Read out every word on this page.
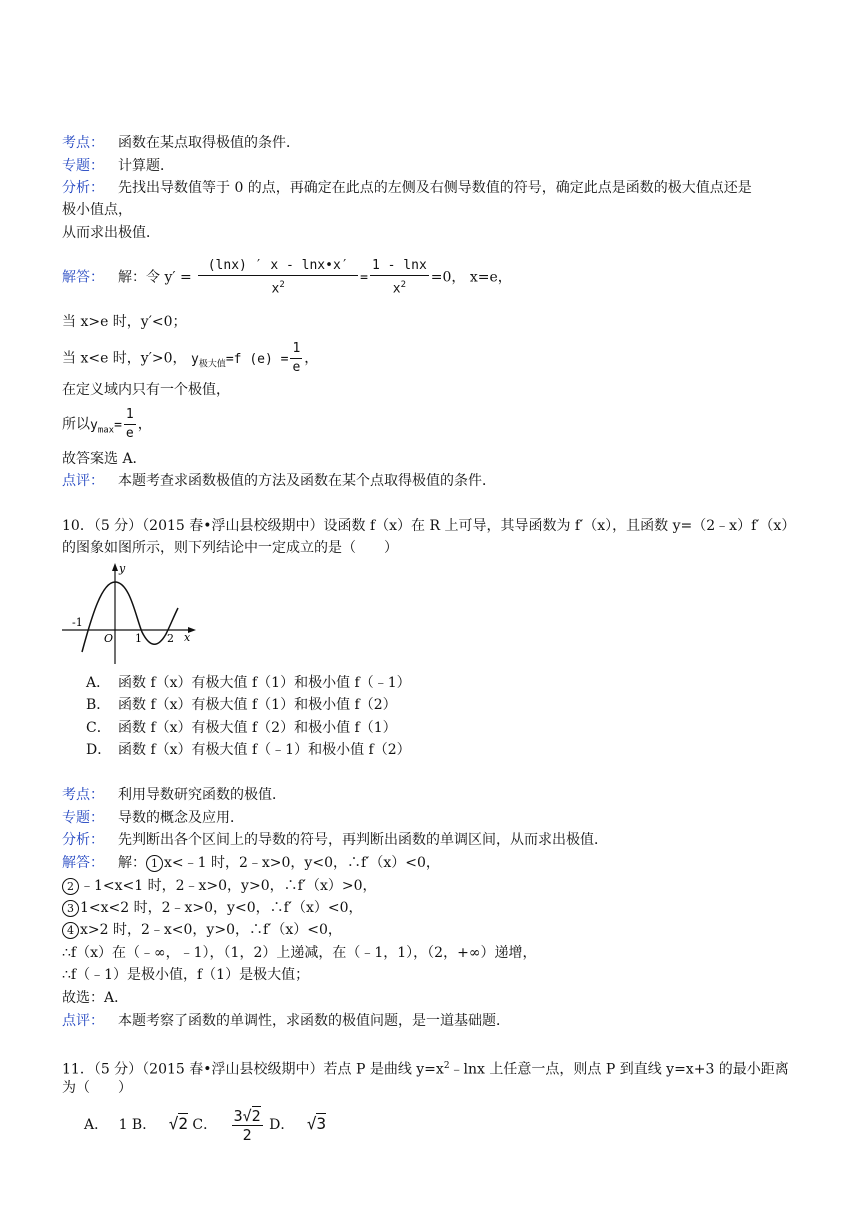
考点： 函数在某点取得极值的条件．
专题： 计算题．
分析： 先找出导数值等于 0 的点，再确定在此点的左侧及右侧导数值的符号，确定此点是函数的极大值点还是
极小值点，
从而求出极值．
解答： 解：令 $y' = \frac{(\ln x) ' x - \ln x•x'}{x^2} = \frac{1 - \ln x}{x^2} =0$， x=e，
当 x>e 时，y′<0；
当 x<e 时，y′>0， $y_{极大值}=f$ $(e) = \frac{1}{e}$ ，
在定义域内只有一个极值，
所以$y_{max}= \frac{1}{e}$ ，
故答案选 A．
点评： 本题考查求函数极值的方法及函数在某个点取得极值的条件．
10．（5 分）（2015 春•浮山县校级期中）设函数 f（x）在 R 上可导，其导函数为 f′（x），且函数 y=（2﹣x）f′（x）
的图象如图所示，则下列结论中一定成立的是（　　）
y
x
-1
O 1 2
A． 函数 f（x）有极大值 f（1）和极小值 f（﹣1）
B． 函数 f（x）有极大值 f（1）和极小值 f（2）
C． 函数 f（x）有极大值 f（2）和极小值 f（1）
D． 函数 f（x）有极大值 f（﹣1）和极小值 f（2）
考点： 利用导数研究函数的极值．
专题： 导数的概念及应用．
分析： 先判断出各个区间上的导数的符号，再判断出函数的单调区间，从而求出极值．
解答： 解： 1 x<﹣1 时，2﹣x>0，y<0，∴f′（x）<0，
2 ﹣1<x<1 时，2﹣x>0，y>0，∴f′（x）>0，
3 1<x<2 时，2﹣x>0，y<0，∴f′（x）<0，
4 x>2 时，2﹣x<0，y>0，∴f′（x）<0，
∴f（x）在（﹣∞，﹣1），（1，2）上递减，在（﹣1，1），（2，+∞）递增，
∴f（﹣1）是极小值，f（1）是极大值；
故选：A．
点评： 本题考察了函数的单调性，求函数的极值问题，是一道基础题．
11．（5 分）（2015 春•浮山县校级期中）若点 P 是曲线 $y=x^2﹣\ln x$ 上任意一点，则点 P 到直线 y=x+3 的最小距离
为（　　）
A． 1 B． √2 C． $\frac{3√2}{2}$ D． √3
